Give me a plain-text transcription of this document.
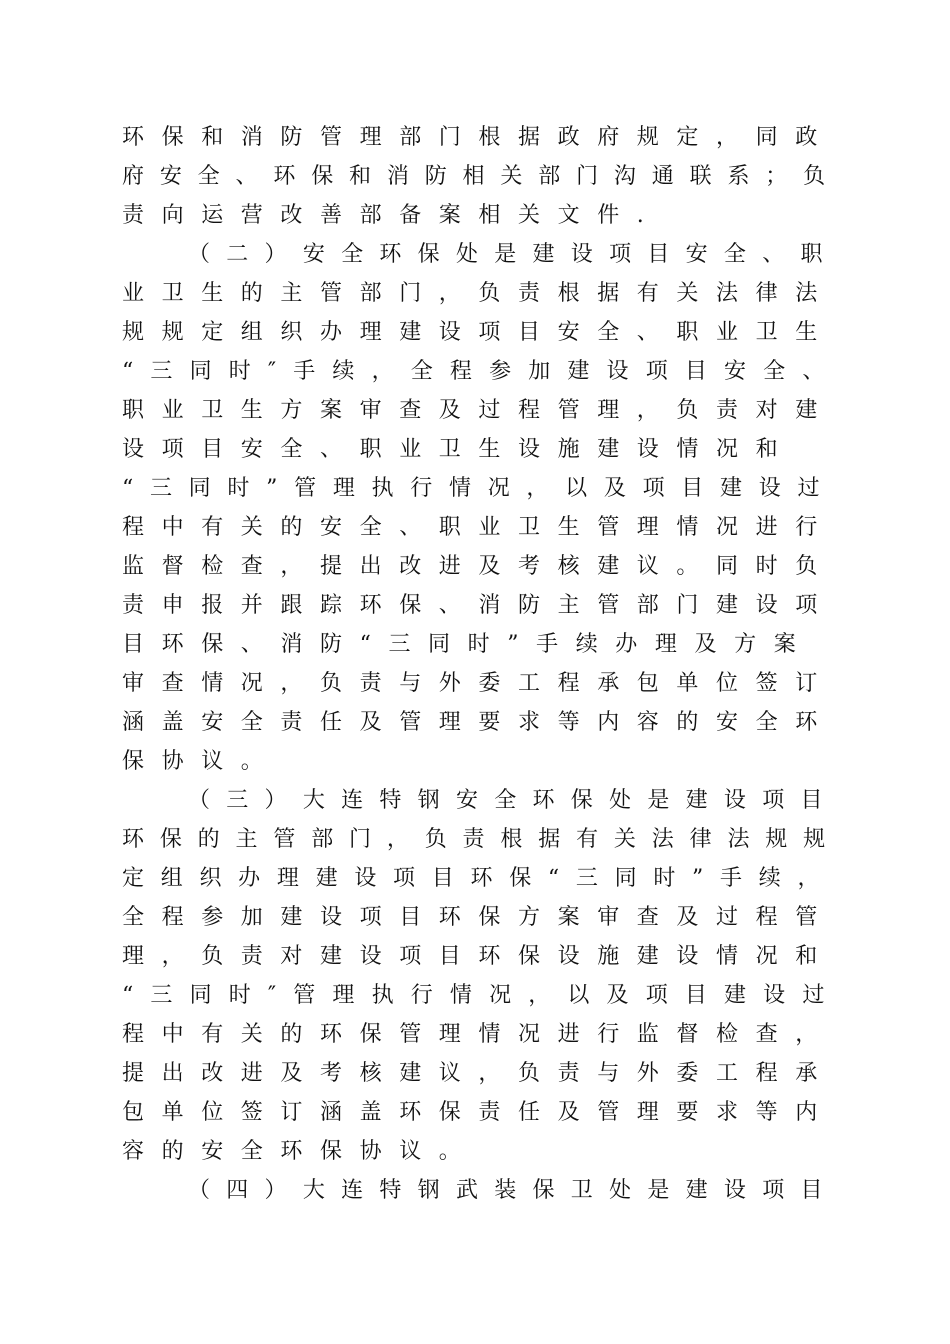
环保和消防管理部门根据政府规定，同政
府安全、环保和消防相关部门沟通联系；负
责向运营改善部备案相关文件.
（二）安全环保处是建设项目安全、职
业卫生的主管部门，负责根据有关法律法
规规定组织办理建设项目安全、职业卫生
“三同时″手续，全程参加建设项目安全、
职业卫生方案审查及过程管理，负责对建
设项目安全、职业卫生设施建设情况和
“三同时”管理执行情况，以及项目建设过
程中有关的安全、职业卫生管理情况进行
监督检查，提出改进及考核建议。同时负
责申报并跟踪环保、消防主管部门建设项
目环保、消防“三同时”手续办理及方案
审查情况，负责与外委工程承包单位签订
涵盖安全责任及管理要求等内容的安全环
保协议。
（三）大连特钢安全环保处是建设项目
环保的主管部门，负责根据有关法律法规规
定组织办理建设项目环保“三同时”手续，
全程参加建设项目环保方案审查及过程管
理，负责对建设项目环保设施建设情况和
“三同时″管理执行情况，以及项目建设过
程中有关的环保管理情况进行监督检查，
提出改进及考核建议，负责与外委工程承
包单位签订涵盖环保责任及管理要求等内
容的安全环保协议。
（四）大连特钢武装保卫处是建设项目
